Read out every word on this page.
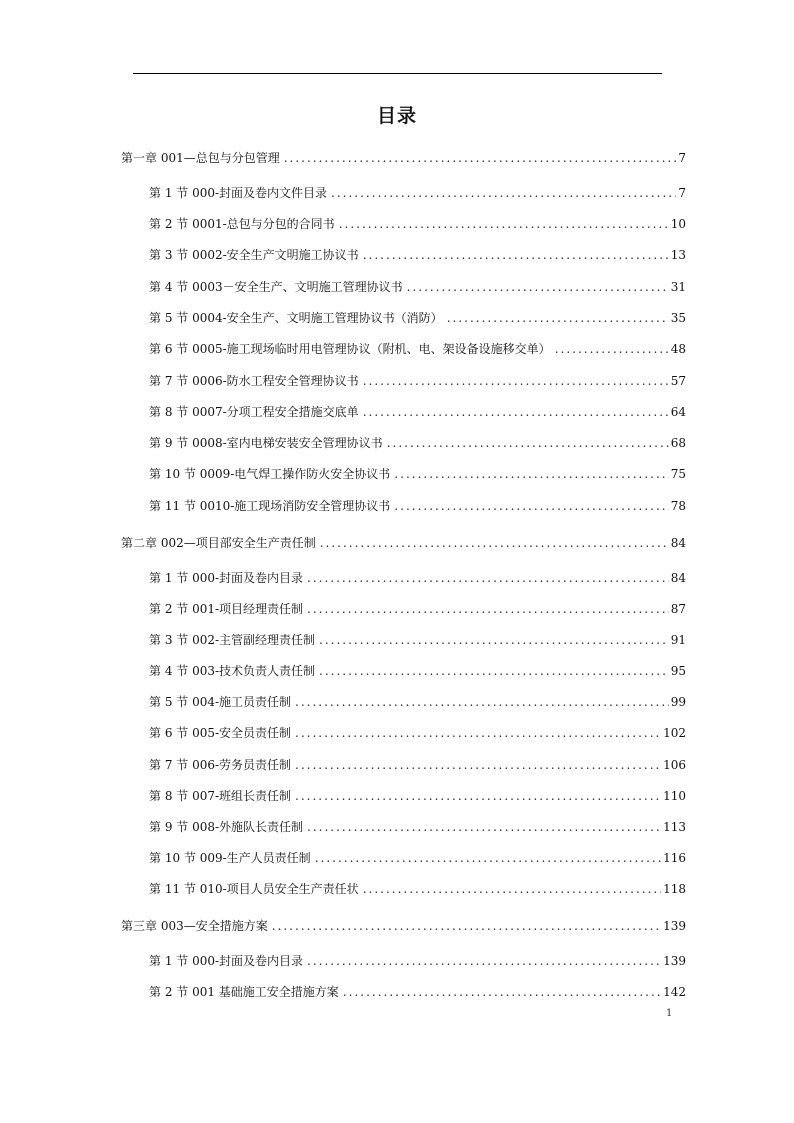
目录
第一章 001—总包与分包管理 .....	7
第 1 节 000-封面及卷内文件目录 .....	7
第 2 节 0001-总包与分包的合同书 .....	10
第 3 节 0002-安全生产文明施工协议书 .....	13
第 4 节 0003－安全生产、文明施工管理协议书 .....	31
第 5 节 0004-安全生产、文明施工管理协议书（消防） .....	35
第 6 节 0005-施工现场临时用电管理协议（附机、电、架设备设施移交单） .....	48
第 7 节 0006-防水工程安全管理协议书 .....	57
第 8 节 0007-分项工程安全措施交底单 .....	64
第 9 节 0008-室内电梯安装安全管理协议书 .....	68
第 10 节 0009-电气焊工操作防火安全协议书 .....	75
第 11 节 0010-施工现场消防安全管理协议书 .....	78
第二章 002—项目部安全生产责任制 .....	84
第 1 节 000-封面及卷内目录 .....	84
第 2 节 001-项目经理责任制 .....	87
第 3 节 002-主管副经理责任制 .....	91
第 4 节 003-技术负责人责任制 .....	95
第 5 节 004-施工员责任制 .....	99
第 6 节 005-安全员责任制 .....	102
第 7 节 006-劳务员责任制 .....	106
第 8 节 007-班组长责任制 .....	110
第 9 节 008-外施队长责任制 .....	113
第 10 节 009-生产人员责任制 .....	116
第 11 节 010-项目人员安全生产责任状 .....	118
第三章 003—安全措施方案 .....	139
第 1 节 000-封面及卷内目录 .....	139
第 2 节 001 基础施工安全措施方案 .....	142
1
